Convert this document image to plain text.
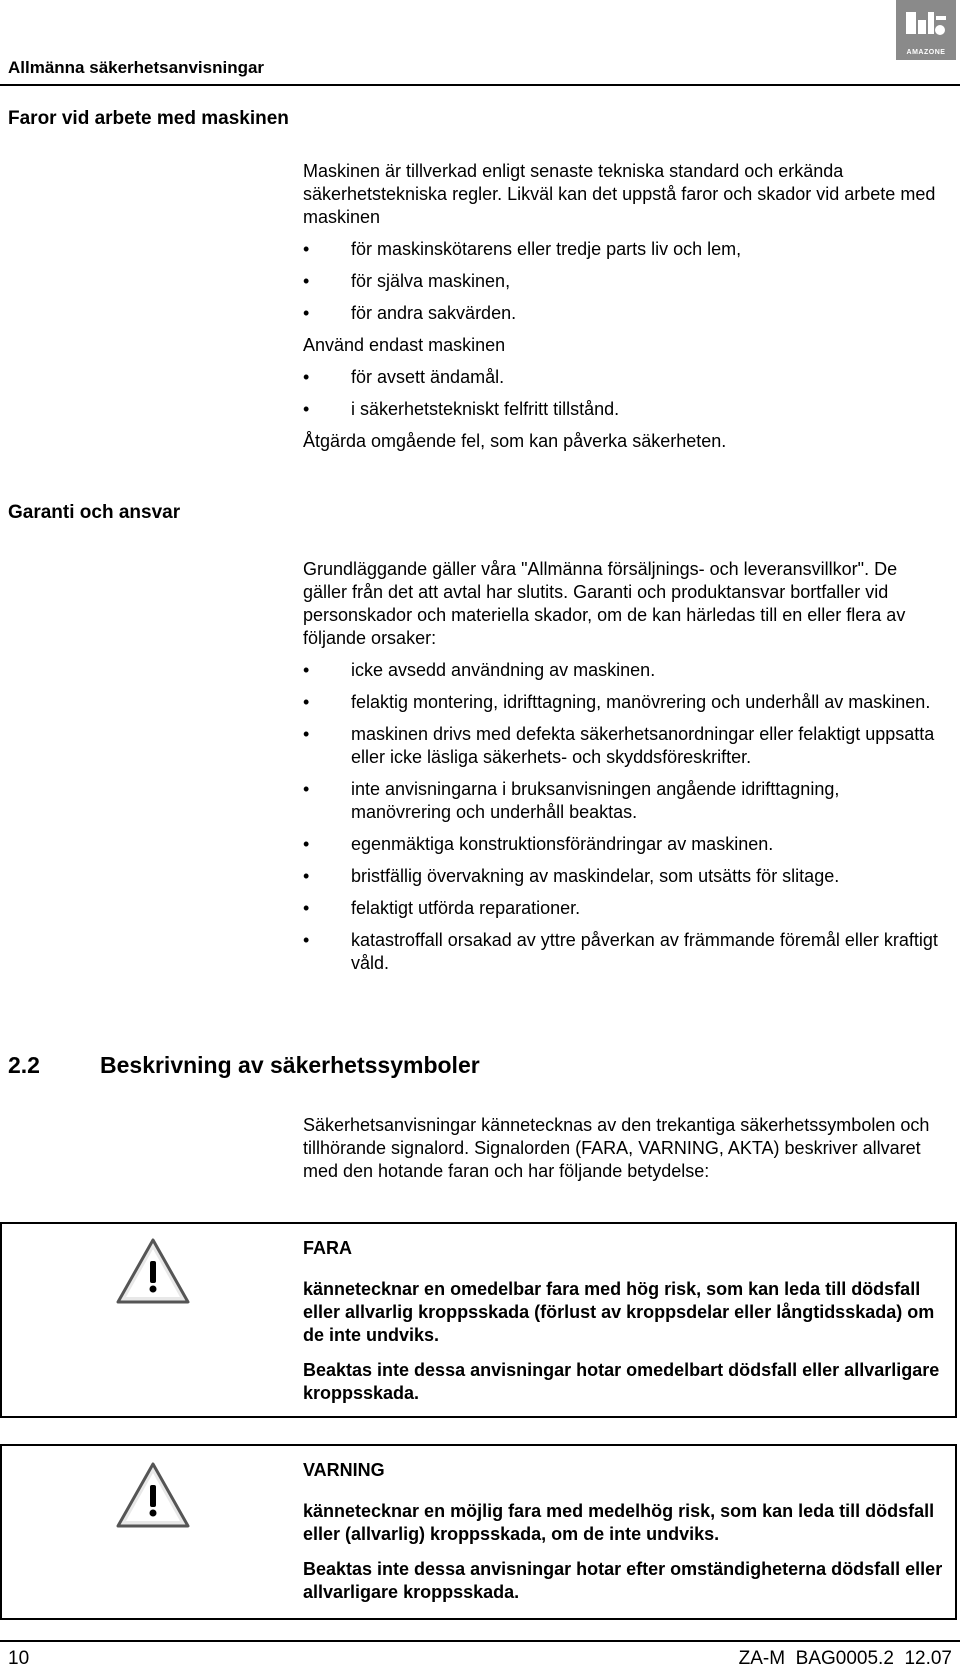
Allmänna säkerhetsanvisningar
AMAZONE
Faror vid arbete med maskinen

Maskinen är tillverkad enligt senaste tekniska standard och erkända säkerhetstekniska regler. Likväl kan det uppstå faror och skador vid arbete med maskinen

• för maskinskötarens eller tredje parts liv och lem,
• för själva maskinen,
• för andra sakvärden.

Använd endast maskinen

• för avsett ändamål.
• i säkerhetstekniskt felfritt tillstånd.

Åtgärda omgående fel, som kan påverka säkerheten.

Garanti och ansvar

Grundläggande gäller våra "Allmänna försäljnings- och leveransvillkor". De gäller från det att avtal har slutits. Garanti och produktansvar bortfaller vid personskador och materiella skador, om de kan härledas till en eller flera av följande orsaker:

• icke avsedd användning av maskinen.
• felaktig montering, idrifttagning, manövrering och underhåll av maskinen.
• maskinen drivs med defekta säkerhetsanordningar eller felaktigt uppsatta eller icke läsliga säkerhets- och skyddsföreskrifter.
• inte anvisningarna i bruksanvisningen angående idrifttagning, manövrering och underhåll beaktas.
• egenmäktiga konstruktionsförändringar av maskinen.
• bristfällig övervakning av maskindelar, som utsätts för slitage.
• felaktigt utförda reparationer.
• katastroffall orsakad av yttre påverkan av främmande föremål eller kraftigt våld.
2.2	Beskrivning av säkerhetssymboler

Säkerhetsanvisningar kännetecknas av den trekantiga säkerhetssymbolen och tillhörande signalord. Signalorden (FARA, VARNING, AKTA) beskriver allvaret med den hotande faran och har följande betydelse:

FARA

kännetecknar en omedelbar fara med hög risk, som kan leda till dödsfall eller allvarlig kroppsskada (förlust av kroppsdelar eller långtidsskada) om de inte undviks.

Beaktas inte dessa anvisningar hotar omedelbart dödsfall eller allvarligare kroppsskada.

VARNING

kännetecknar en möjlig fara med medelhög risk, som kan leda till dödsfall eller (allvarlig) kroppsskada, om de inte undviks.

Beaktas inte dessa anvisningar hotar efter omständigheterna dödsfall eller allvarligare kroppsskada.

10	ZA-M  BAG0005.2  12.07
